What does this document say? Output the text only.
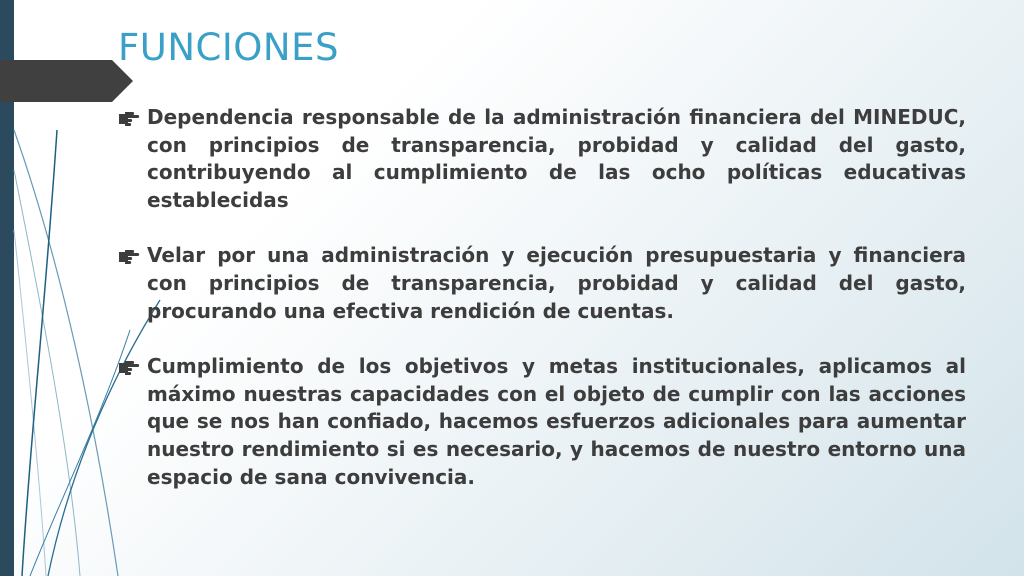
FUNCIONES

Dependencia responsable de la administración financiera del MINEDUC, con principios de transparencia, probidad y calidad del gasto, contribuyendo al cumplimiento de las ocho políticas educativas establecidas

Velar por una administración y ejecución presupuestaria y financiera con principios de transparencia, probidad y calidad del gasto, procurando una efectiva rendición de cuentas.

Cumplimiento de los objetivos y metas institucionales, aplicamos al máximo nuestras capacidades con el objeto de cumplir con las acciones que se nos han confiado, hacemos esfuerzos adicionales para aumentar nuestro rendimiento si es necesario, y hacemos de nuestro entorno una espacio de sana convivencia.
